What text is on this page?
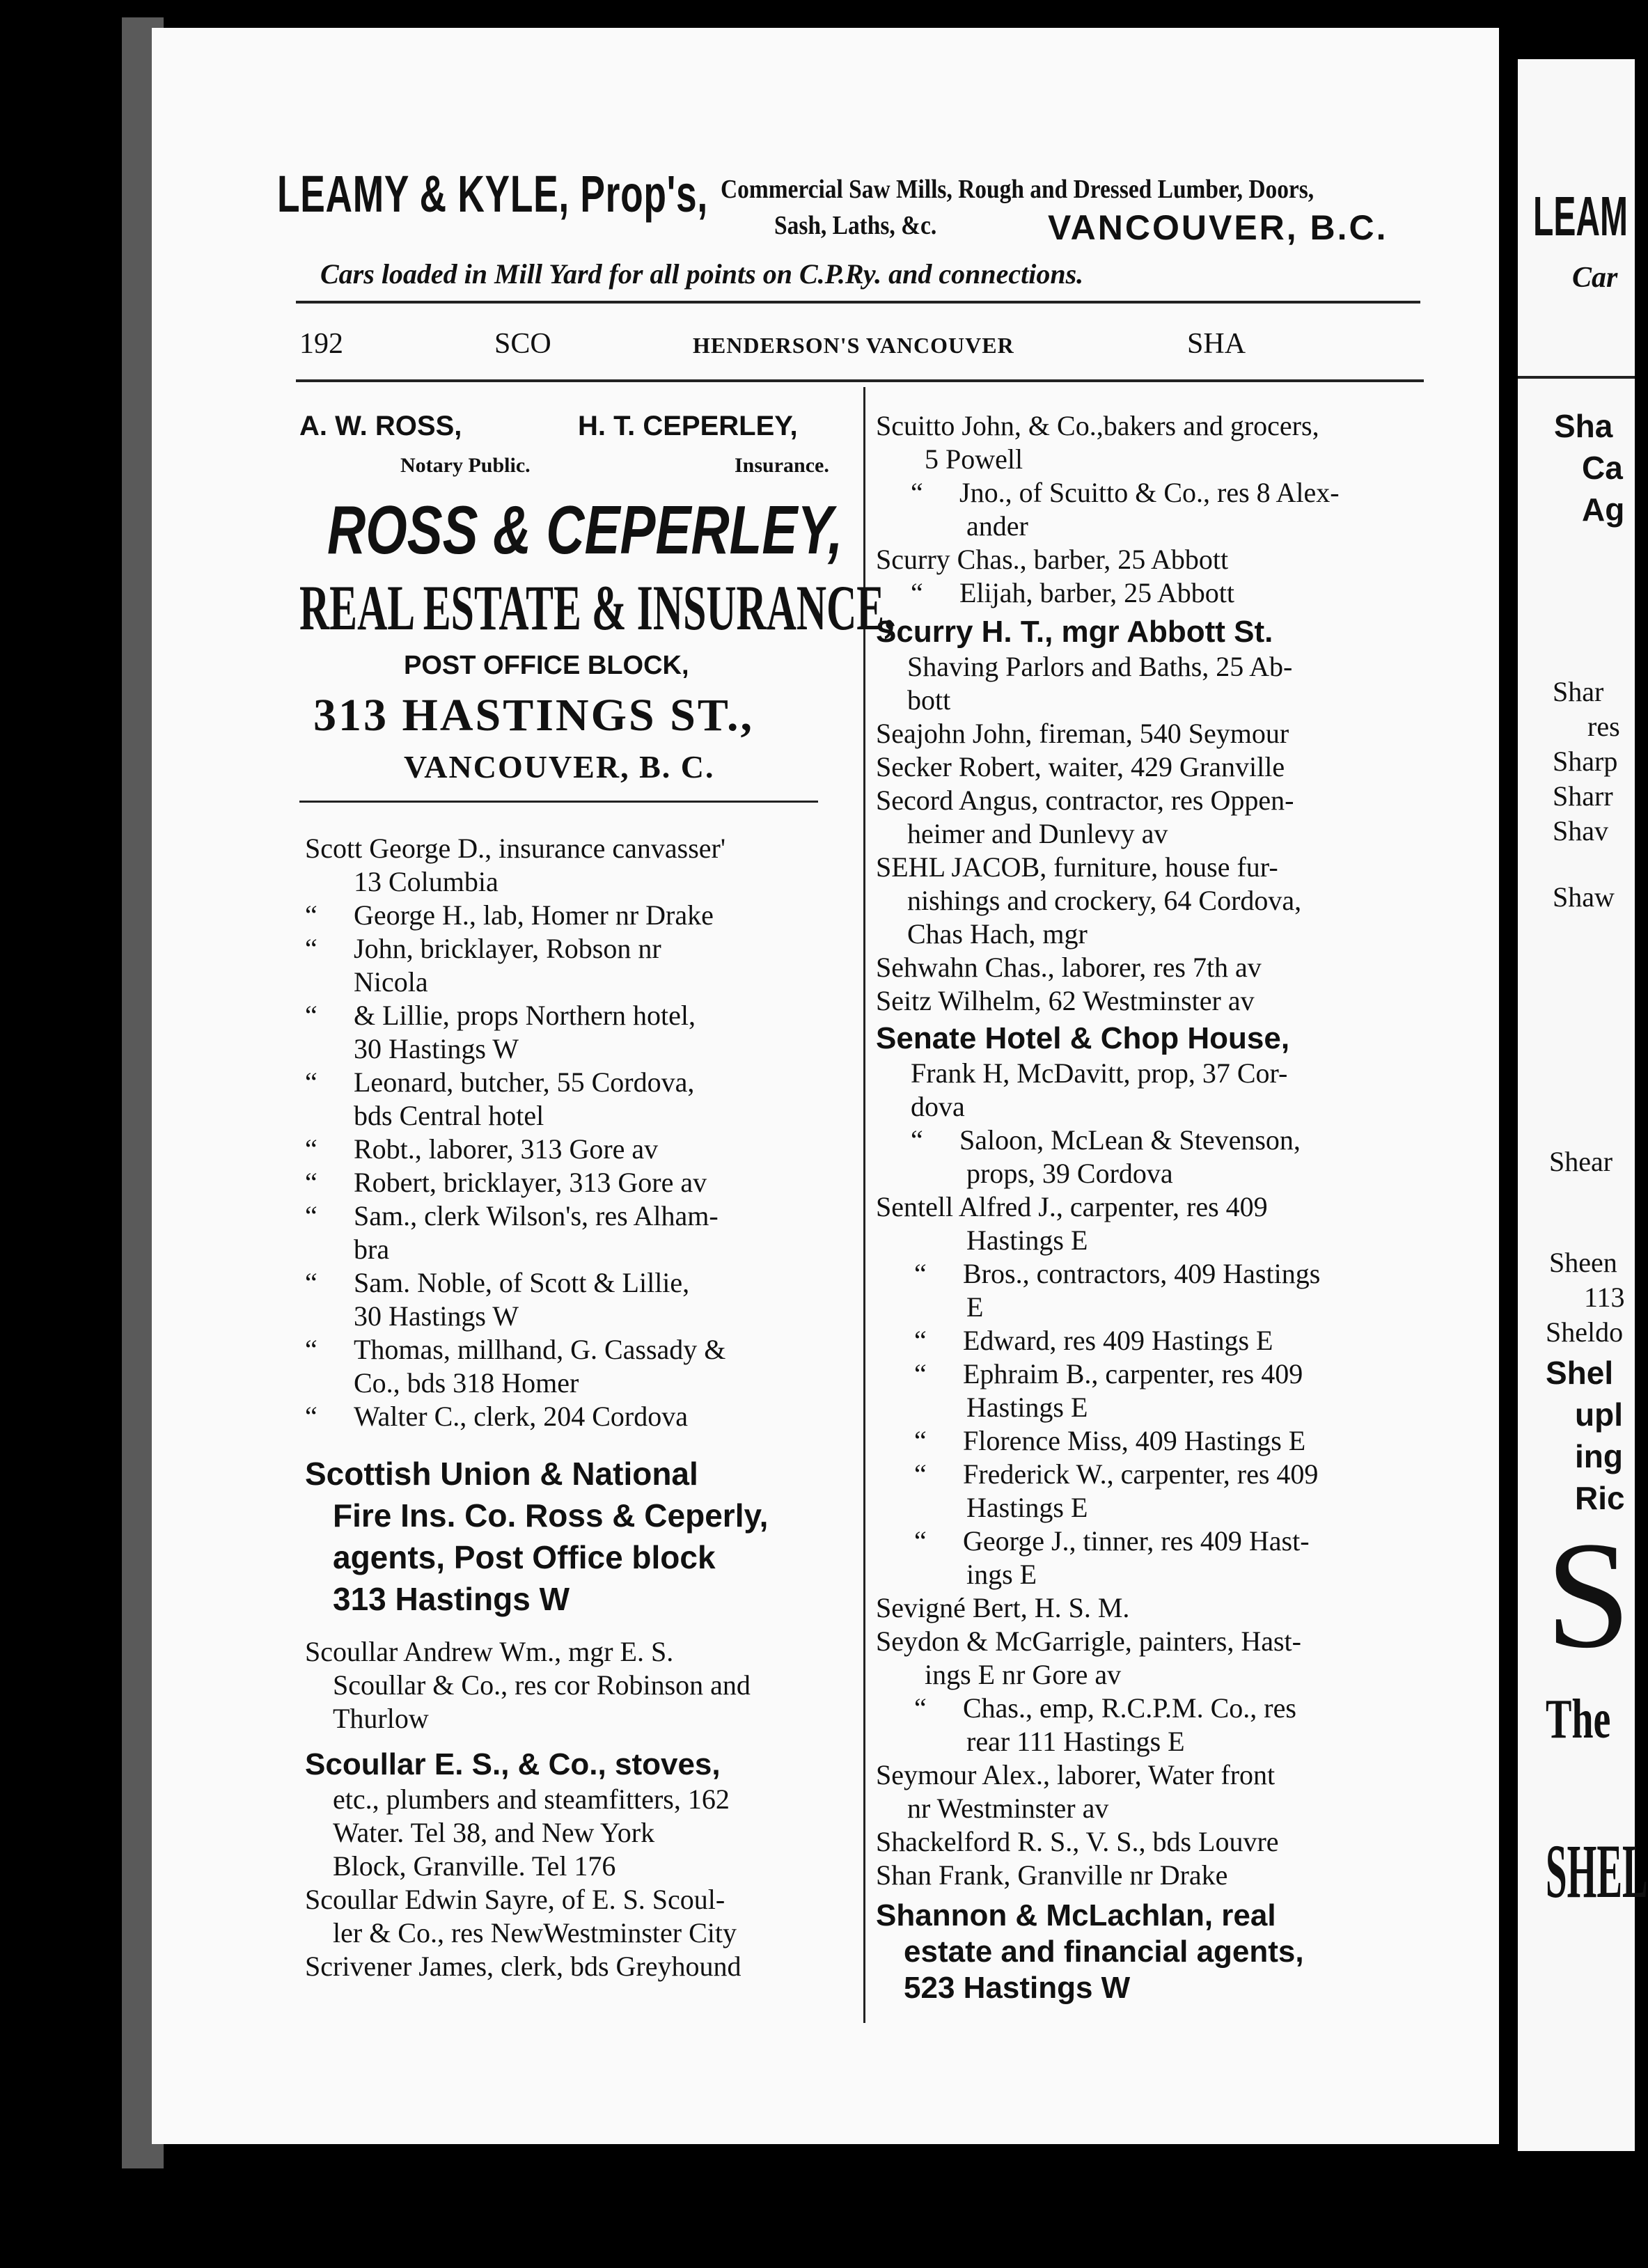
LEAMY & KYLE, Prop's, Commercial Saw Mills, Rough and Dressed Lumber, Doors,
Sash, Laths, &c.	VANCOUVER, B.C.
Cars loaded in Mill Yard for all points on C.P.Ry. and connections.
192	SCO	HENDERSON'S VANCOUVER	SHA
A. W. ROSS,	H. T. CEPERLEY,
Notary Public.	Insurance.
ROSS & CEPERLEY,
REAL ESTATE & INSURANCE,
POST OFFICE BLOCK,
313 HASTINGS ST.,
VANCOUVER, B. C.
Scott George D., insurance canvasser'
13 Columbia
“ George H., lab, Homer nr Drake
“ John, bricklayer, Robson nr
Nicola
“ & Lillie, props Northern hotel,
30 Hastings W
“ Leonard, butcher, 55 Cordova,
bds Central hotel
“ Robt., laborer, 313 Gore av
“ Robert, bricklayer, 313 Gore av
“ Sam., clerk Wilson's, res Alham-
bra
“ Sam. Noble, of Scott & Lillie,
30 Hastings W
“ Thomas, millhand, G. Cassady &
Co., bds 318 Homer
“ Walter C., clerk, 204 Cordova
Scottish Union & National
Fire Ins. Co. Ross & Ceperly,
agents, Post Office block
313 Hastings W
Scoullar Andrew Wm., mgr E. S.
Scoullar & Co., res cor Robinson and
Thurlow
Scoullar E. S., & Co., stoves,
etc., plumbers and steamfitters, 162
Water. Tel 38, and New York
Block, Granville. Tel 176
Scoullar Edwin Sayre, of E. S. Scoul-
ler & Co., res NewWestminster City
Scrivener James, clerk, bds Greyhound
Scuitto John, & Co.,bakers and grocers,
5 Powell
“ Jno., of Scuitto & Co., res 8 Alex-
ander
Scurry Chas., barber, 25 Abbott
“ Elijah, barber, 25 Abbott
Scurry H. T., mgr Abbott St.
Shaving Parlors and Baths, 25 Ab-
bott
Seajohn John, fireman, 540 Seymour
Secker Robert, waiter, 429 Granville
Secord Angus, contractor, res Oppen-
heimer and Dunlevy av
SEHL JACOB, furniture, house fur-
nishings and crockery, 64 Cordova,
Chas Hach, mgr
Sehwahn Chas., laborer, res 7th av
Seitz Wilhelm, 62 Westminster av
Senate Hotel & Chop House,
Frank H, McDavitt, prop, 37 Cor-
dova
“ Saloon, McLean & Stevenson,
props, 39 Cordova
Sentell Alfred J., carpenter, res 409
Hastings E
“ Bros., contractors, 409 Hastings
E
“ Edward, res 409 Hastings E
“ Ephraim B., carpenter, res 409
Hastings E
“ Florence Miss, 409 Hastings E
“ Frederick W., carpenter, res 409
Hastings E
“ George J., tinner, res 409 Hast-
ings E
Sevigné Bert, H. S. M.
Seydon & McGarrigle, painters, Hast-
ings E nr Gore av
“ Chas., emp, R.C.P.M. Co., res
rear 111 Hastings E
Seymour Alex., laborer, Water front
nr Westminster av
Shackelford R. S., V. S., bds Louvre
Shan Frank, Granville nr Drake
Shannon & McLachlan, real
estate and financial agents,
523 Hastings W
LEAM
Car
Sha
Ca
Ag
Shar
res
Sharp
Sharr
Shav
Shaw
Shear
Sheen
113
Sheldo
Shel
upl
ing
Ric
S
The
SHEL
